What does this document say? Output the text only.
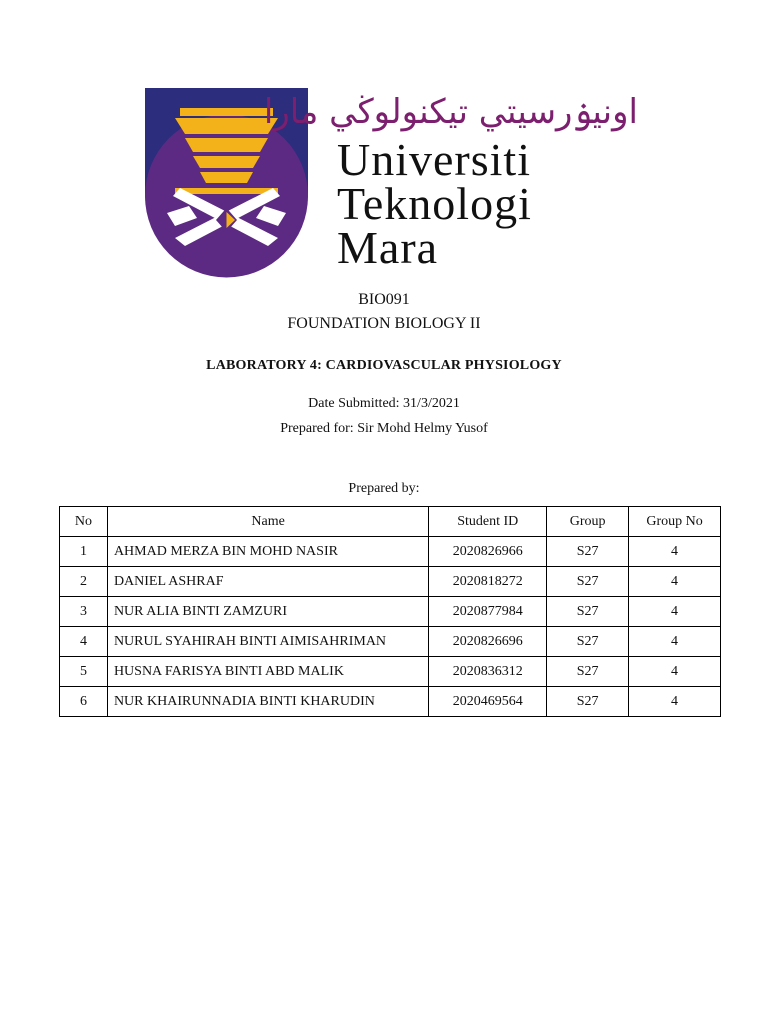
اونيۏرسيتي تيكنولوڬي مارا
Universiti
Teknologi
Mara
BIO091
FOUNDATION BIOLOGY II
LABORATORY 4: CARDIOVASCULAR PHYSIOLOGY
Date Submitted: 31/3/2021
Prepared for: Sir Mohd Helmy Yusof
Prepared by:
No	Name	Student ID	Group	Group No
1	AHMAD MERZA BIN MOHD NASIR	2020826966	S27	4
2	DANIEL ASHRAF	2020818272	S27	4
3	NUR ALIA BINTI ZAMZURI	2020877984	S27	4
4	NURUL SYAHIRAH BINTI AIMISAHRIMAN	2020826696	S27	4
5	HUSNA FARISYA BINTI ABD MALIK	2020836312	S27	4
6	NUR KHAIRUNNADIA BINTI KHARUDIN	2020469564	S27	4
